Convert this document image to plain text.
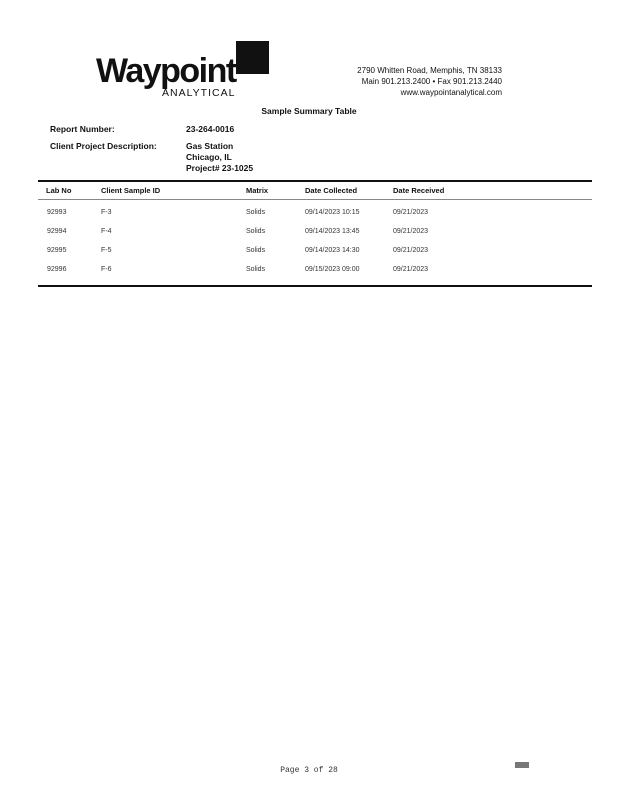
Waypoint
ANALYTICAL
2790 Whitten Road, Memphis, TN 38133
Main 901.213.2400 • Fax 901.213.2440
www.waypointanalytical.com
Sample Summary Table
Report Number:	23-264-0016
Client Project Description:	Gas Station
Chicago, IL
Project# 23-1025
Lab No	Client Sample ID	Matrix	Date Collected	Date Received
92993	F-3	Solids	09/14/2023 10:15	09/21/2023
92994	F-4	Solids	09/14/2023 13:45	09/21/2023
92995	F-5	Solids	09/14/2023 14:30	09/21/2023
92996	F-6	Solids	09/15/2023 09:00	09/21/2023
Page 3 of 28
